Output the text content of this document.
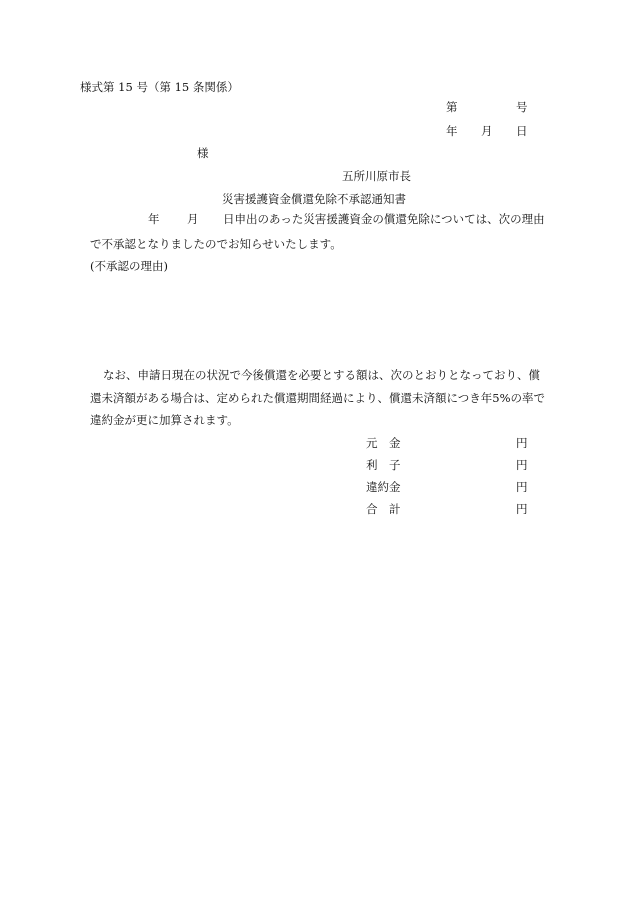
様式第 15 号（第 15 条関係）
第	号
年 月 日
様
五所川原市長
災害援護資金償還免除不承認通知書
年 月 日申出のあった災害援護資金の償還免除については、次の理由
で不承認となりましたのでお知らせいたします。
(不承認の理由)
なお、申請日現在の状況で今後償還を必要とする額は、次のとおりとなっており、償
還未済額がある場合は、定められた償還期間経過により、償還未済額につき年5%の率で
違約金が更に加算されます。
元　金	円
利　子	円
違約金	円
合　計	円
